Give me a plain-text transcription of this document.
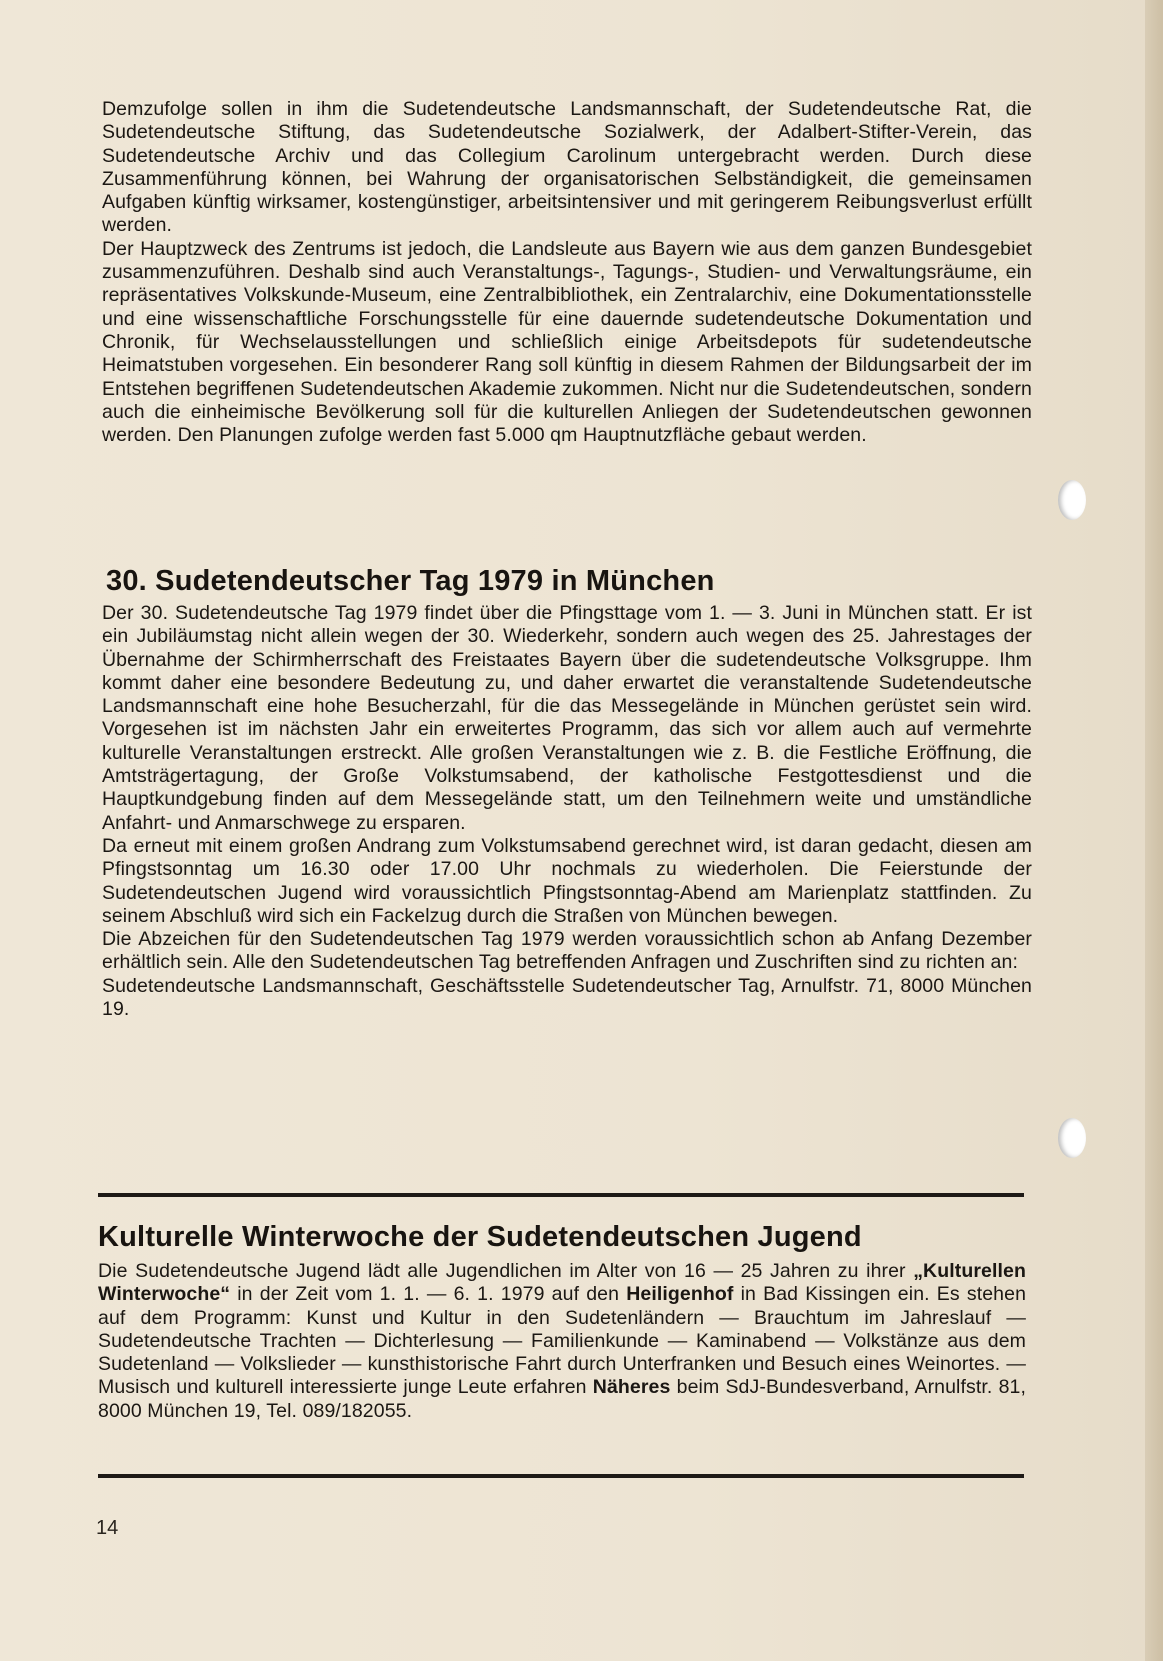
Demzufolge sollen in ihm die Sudetendeutsche Landsmannschaft, der Sudetendeutsche Rat, die Sudetendeutsche Stiftung, das Sudetendeutsche Sozialwerk, der Adalbert-Stifter-Verein, das Sudetendeutsche Archiv und das Collegium Carolinum untergebracht werden. Durch diese Zusammenführung können, bei Wahrung der organisatorischen Selbständigkeit, die gemeinsamen Aufgaben künftig wirksamer, kostengünstiger, arbeitsintensiver und mit geringerem Reibungsverlust erfüllt werden.

Der Hauptzweck des Zentrums ist jedoch, die Landsleute aus Bayern wie aus dem ganzen Bundesgebiet zusammenzuführen. Deshalb sind auch Veranstaltungs-, Tagungs-, Studien- und Verwaltungsräume, ein repräsentatives Volkskunde-Museum, eine Zentralbibliothek, ein Zentralarchiv, eine Dokumentationsstelle und eine wissenschaftliche Forschungsstelle für eine dauernde sudetendeutsche Dokumentation und Chronik, für Wechselausstellungen und schließlich einige Arbeitsdepots für sudetendeutsche Heimatstuben vorgesehen. Ein besonderer Rang soll künftig in diesem Rahmen der Bildungsarbeit der im Entstehen begriffenen Sudetendeutschen Akademie zukommen. Nicht nur die Sudetendeutschen, sondern auch die einheimische Bevölkerung soll für die kulturellen Anliegen der Sudetendeutschen gewonnen werden. Den Planungen zufolge werden fast 5.000 qm Hauptnutzfläche gebaut werden.

30. Sudetendeutscher Tag 1979 in München

Der 30. Sudetendeutsche Tag 1979 findet über die Pfingsttage vom 1. — 3. Juni in München statt. Er ist ein Jubiläumstag nicht allein wegen der 30. Wiederkehr, sondern auch wegen des 25. Jahrestages der Übernahme der Schirmherrschaft des Freistaates Bayern über die sudetendeutsche Volksgruppe. Ihm kommt daher eine besondere Bedeutung zu, und daher erwartet die veranstaltende Sudetendeutsche Landsmannschaft eine hohe Besucherzahl, für die das Messegelände in München gerüstet sein wird. Vorgesehen ist im nächsten Jahr ein erweitertes Programm, das sich vor allem auch auf vermehrte kulturelle Veranstaltungen erstreckt. Alle großen Veranstaltungen wie z. B. die Festliche Eröffnung, die Amtsträgertagung, der Große Volkstumsabend, der katholische Festgottesdienst und die Hauptkundgebung finden auf dem Messegelände statt, um den Teilnehmern weite und umständliche Anfahrt- und Anmarschwege zu ersparen.

Da erneut mit einem großen Andrang zum Volkstumsabend gerechnet wird, ist daran gedacht, diesen am Pfingstsonntag um 16.30 oder 17.00 Uhr nochmals zu wiederholen. Die Feierstunde der Sudetendeutschen Jugend wird voraussichtlich Pfingstsonntag-Abend am Marienplatz stattfinden. Zu seinem Abschluß wird sich ein Fackelzug durch die Straßen von München bewegen.

Die Abzeichen für den Sudetendeutschen Tag 1979 werden voraussichtlich schon ab Anfang Dezember erhältlich sein. Alle den Sudetendeutschen Tag betreffenden Anfragen und Zuschriften sind zu richten an:

Sudetendeutsche Landsmannschaft, Geschäftsstelle Sudetendeutscher Tag, Arnulfstr. 71, 8000 München 19.

Kulturelle Winterwoche der Sudetendeutschen Jugend

Die Sudetendeutsche Jugend lädt alle Jugendlichen im Alter von 16 — 25 Jahren zu ihrer „Kulturellen Winterwoche“ in der Zeit vom 1. 1. — 6. 1. 1979 auf den Heiligenhof in Bad Kissingen ein. Es stehen auf dem Programm: Kunst und Kultur in den Sudetenländern — Brauchtum im Jahreslauf — Sudetendeutsche Trachten — Dichterlesung — Familienkunde — Kaminabend — Volkstänze aus dem Sudetenland — Volkslieder — kunsthistorische Fahrt durch Unterfranken und Besuch eines Weinortes. — Musisch und kulturell interessierte junge Leute erfahren Näheres beim SdJ-Bundesverband, Arnulfstr. 81, 8000 München 19, Tel. 089/182055.

14
